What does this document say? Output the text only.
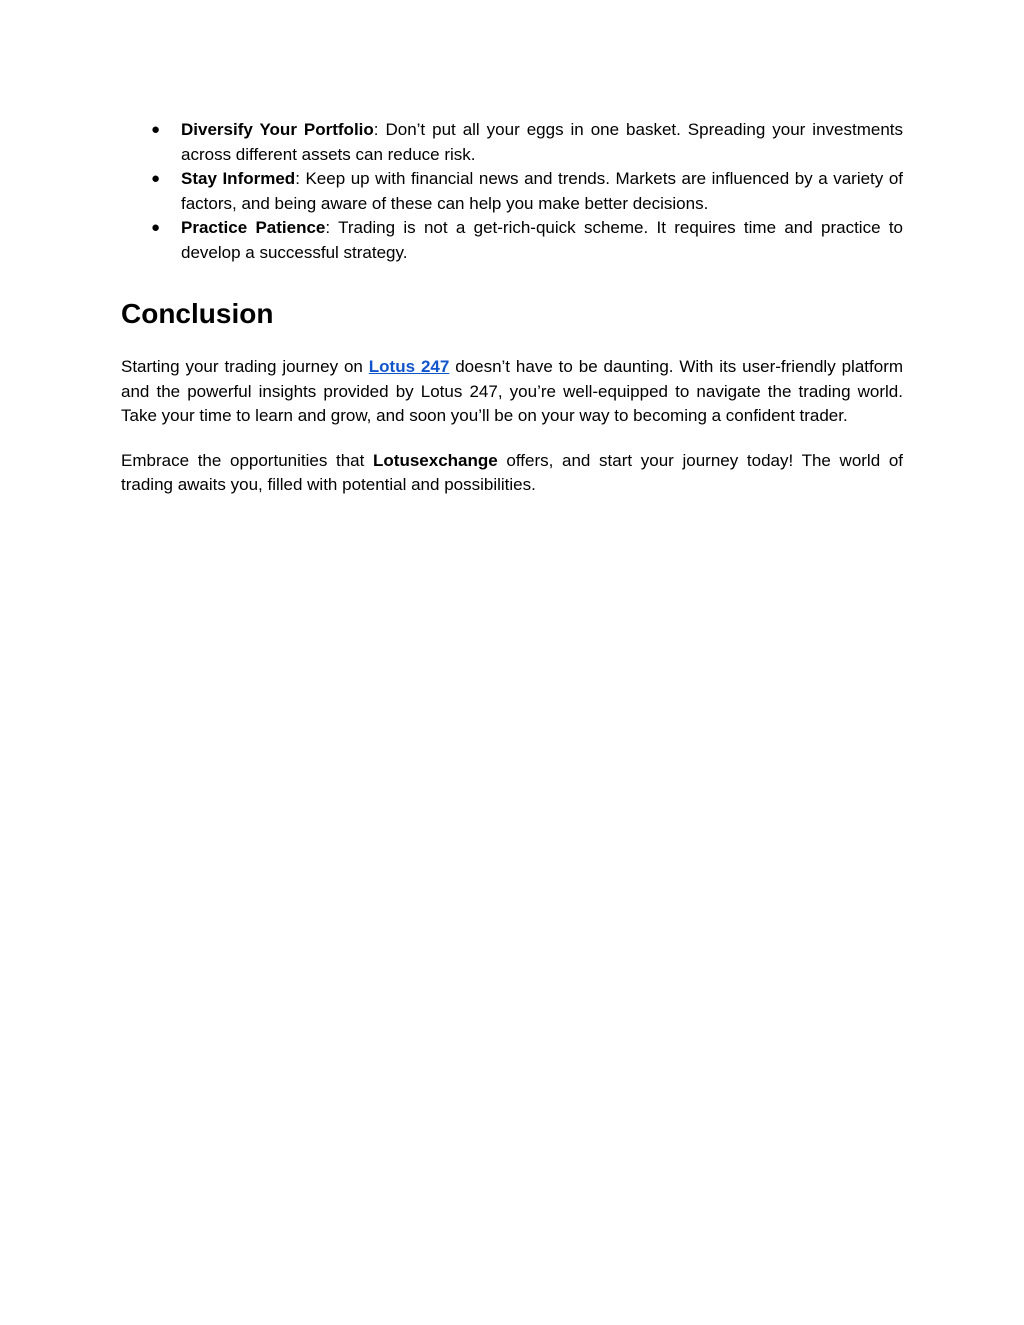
● Diversify Your Portfolio: Don’t put all your eggs in one basket. Spreading your investments across different assets can reduce risk.
● Stay Informed: Keep up with financial news and trends. Markets are influenced by a variety of factors, and being aware of these can help you make better decisions.
● Practice Patience: Trading is not a get-rich-quick scheme. It requires time and practice to develop a successful strategy.
Conclusion

Starting your trading journey on Lotus 247 doesn’t have to be daunting. With its user-friendly platform and the powerful insights provided by Lotus 247, you’re well-equipped to navigate the trading world. Take your time to learn and grow, and soon you’ll be on your way to becoming a confident trader.

Embrace the opportunities that Lotusexchange offers, and start your journey today! The world of trading awaits you, filled with potential and possibilities.
